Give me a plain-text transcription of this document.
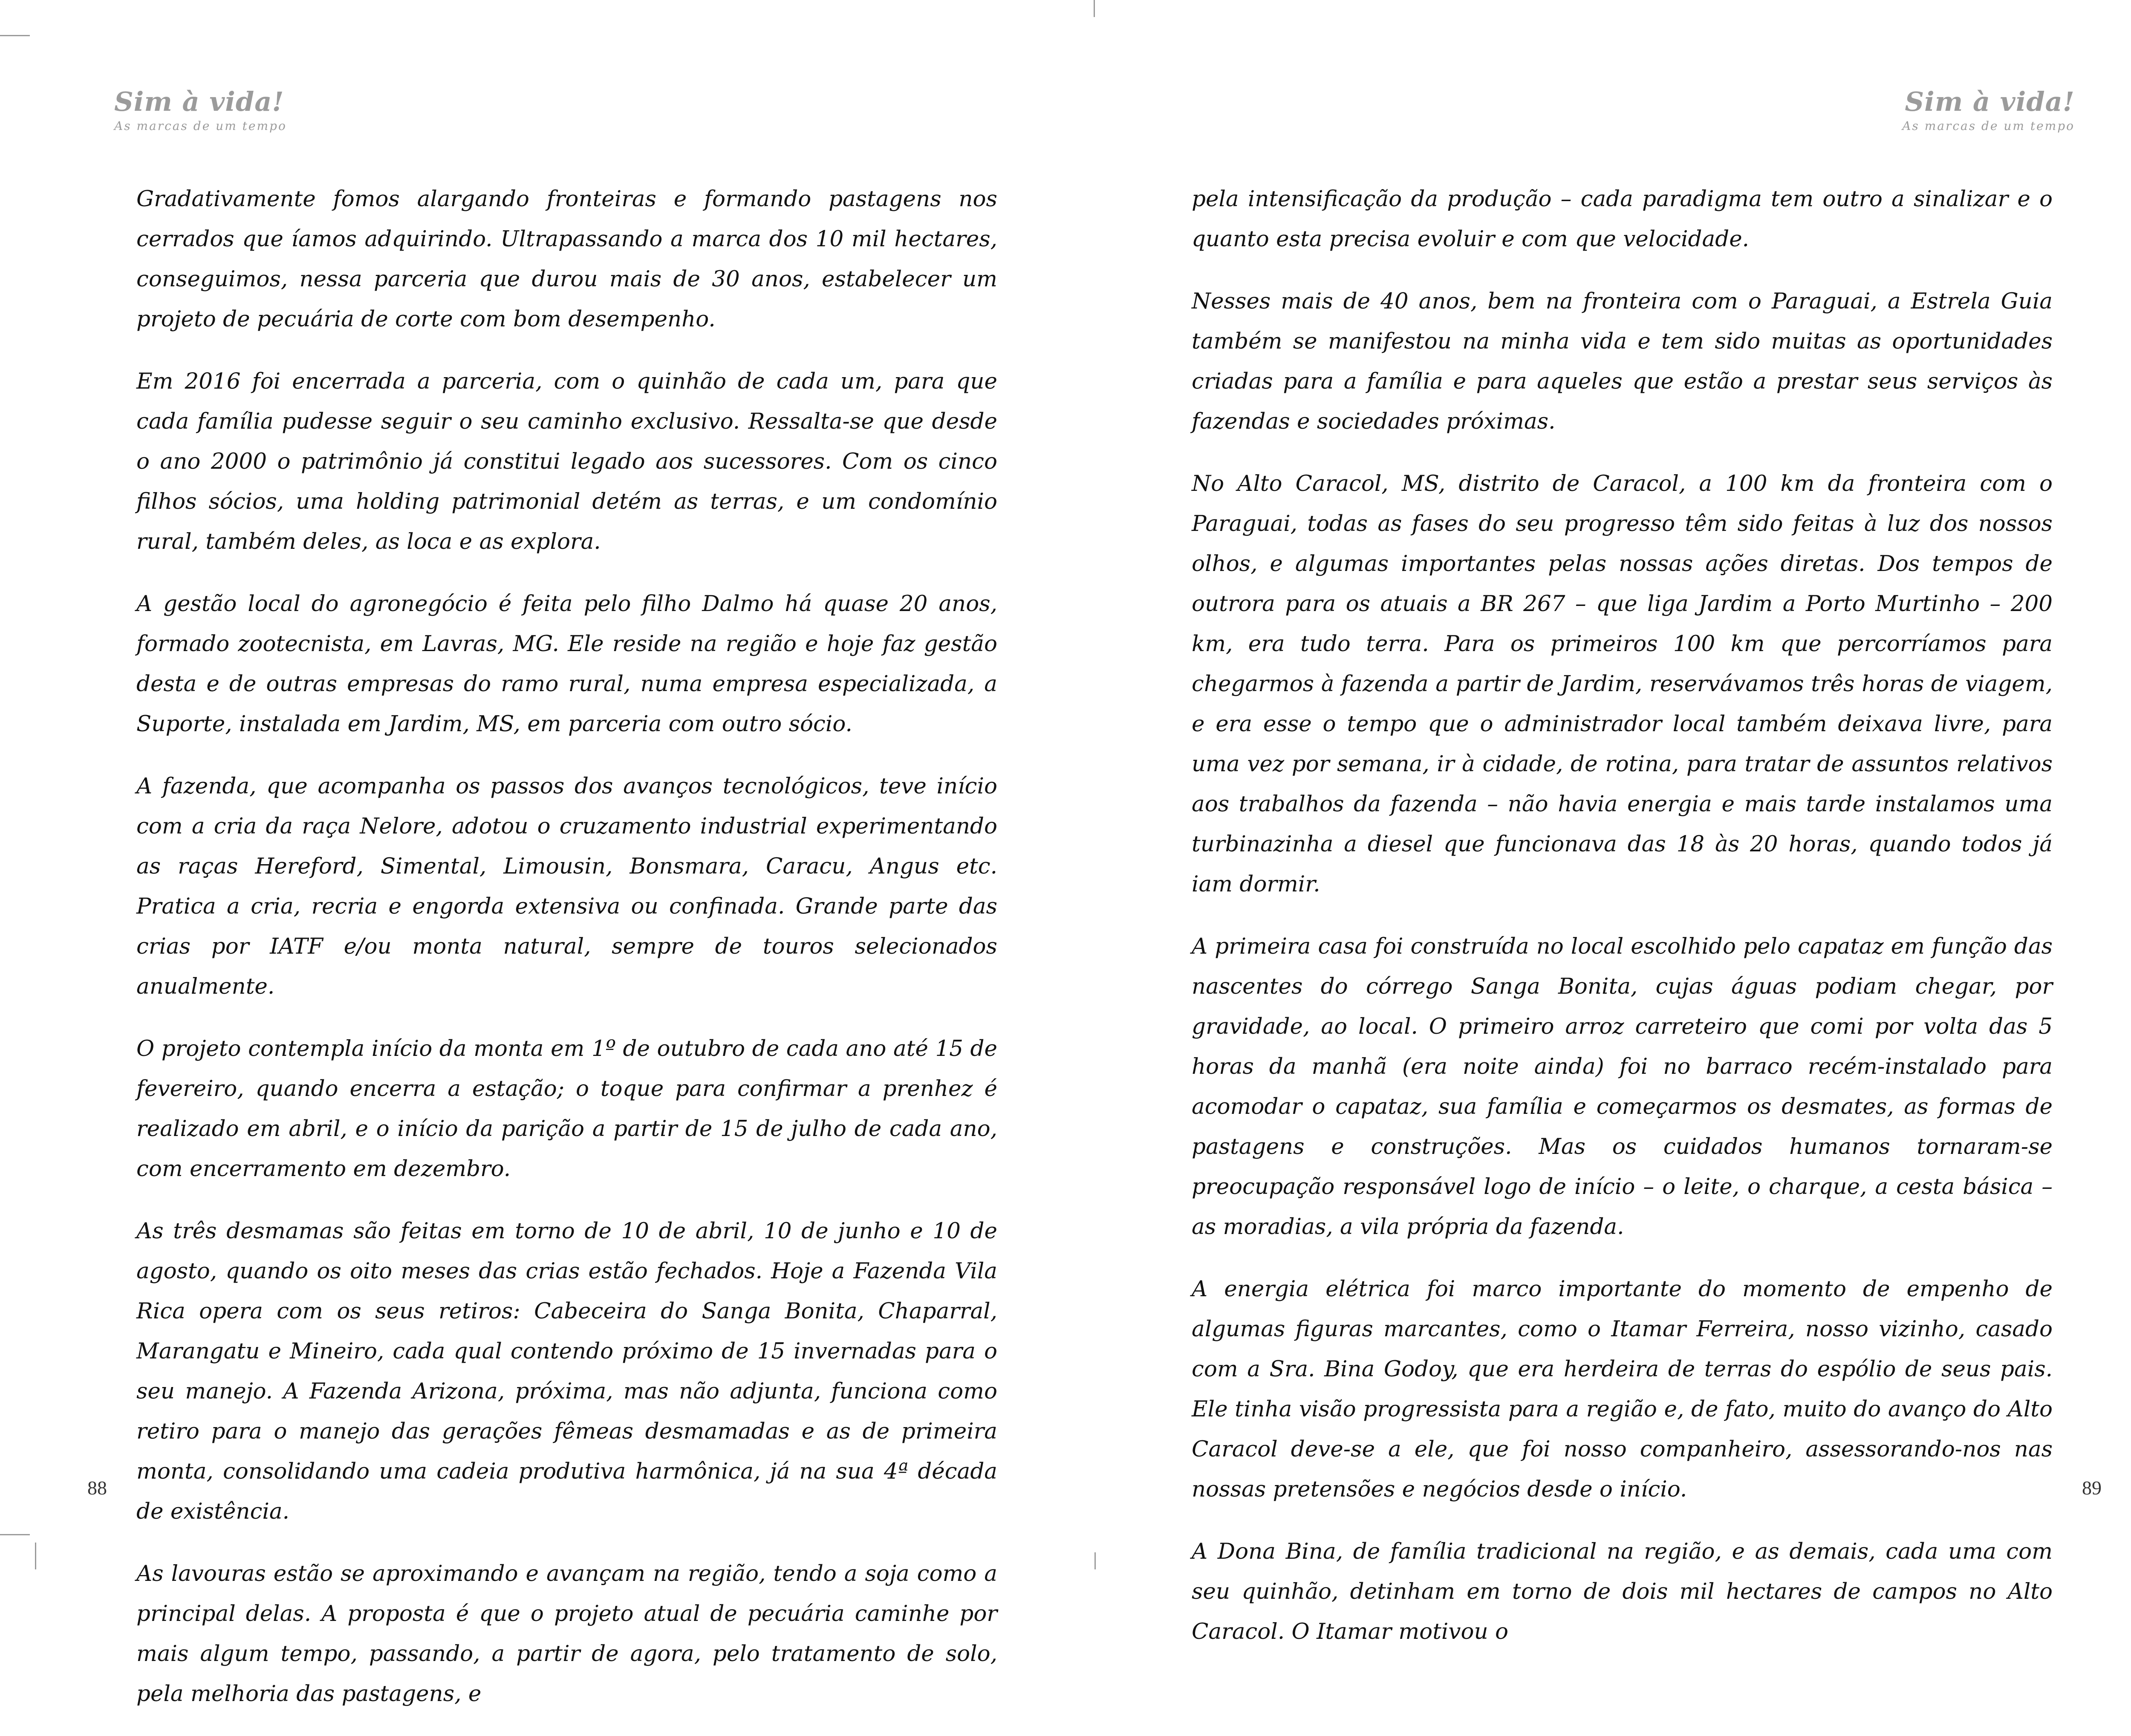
Sim à vida!
As marcas de um tempo

Gradativamente fomos alargando fronteiras e formando pastagens nos cerrados que íamos adquirindo. Ultrapassando a marca dos 10 mil hectares, conseguimos, nessa parceria que durou mais de 30 anos, estabelecer um projeto de pecuária de corte com bom desempenho.

Em 2016 foi encerrada a parceria, com o quinhão de cada um, para que cada família pudesse seguir o seu caminho exclusivo. Ressalta-se que desde o ano 2000 o patrimônio já constitui legado aos sucessores. Com os cinco filhos sócios, uma holding patrimonial detém as terras, e um condomínio rural, também deles, as loca e as explora.

A gestão local do agronegócio é feita pelo filho Dalmo há quase 20 anos, formado zootecnista, em Lavras, MG. Ele reside na região e hoje faz gestão desta e de outras empresas do ramo rural, numa empresa especializada, a Suporte, instalada em Jardim, MS, em parceria com outro sócio.

A fazenda, que acompanha os passos dos avanços tecnológicos, teve início com a cria da raça Nelore, adotou o cruzamento industrial experimentando as raças Hereford, Simental, Limousin, Bonsmara, Caracu, Angus etc. Pratica a cria, recria e engorda extensiva ou confinada. Grande parte das crias por IATF e/ou monta natural, sempre de touros selecionados anualmente.

O projeto contempla início da monta em 1º de outubro de cada ano até 15 de fevereiro, quando encerra a estação; o toque para confirmar a prenhez é realizado em abril, e o início da parição a partir de 15 de julho de cada ano, com encerramento em dezembro.

As três desmamas são feitas em torno de 10 de abril, 10 de junho e 10 de agosto, quando os oito meses das crias estão fechados. Hoje a Fazenda Vila Rica opera com os seus retiros: Cabeceira do Sanga Bonita, Chaparral, Marangatu e Mineiro, cada qual contendo próximo de 15 invernadas para o seu manejo. A Fazenda Arizona, próxima, mas não adjunta, funciona como retiro para o manejo das gerações fêmeas desmamadas e as de primeira monta, consolidando uma cadeia produtiva harmônica, já na sua 4ª década de existência.

As lavouras estão se aproximando e avançam na região, tendo a soja como a principal delas. A proposta é que o projeto atual de pecuária caminhe por mais algum tempo, passando, a partir de agora, pelo tratamento de solo, pela melhoria das pastagens, e

88
Sim à vida!
As marcas de um tempo

pela intensificação da produção – cada paradigma tem outro a sinalizar e o quanto esta precisa evoluir e com que velocidade.

Nesses mais de 40 anos, bem na fronteira com o Paraguai, a Estrela Guia também se manifestou na minha vida e tem sido muitas as oportunidades criadas para a família e para aqueles que estão a prestar seus serviços às fazendas e sociedades próximas.

No Alto Caracol, MS, distrito de Caracol, a 100 km da fronteira com o Paraguai, todas as fases do seu progresso têm sido feitas à luz dos nossos olhos, e algumas importantes pelas nossas ações diretas. Dos tempos de outrora para os atuais a BR 267 – que liga Jardim a Porto Murtinho – 200 km, era tudo terra. Para os primeiros 100 km que percorríamos para chegarmos à fazenda a partir de Jardim, reservávamos três horas de viagem, e era esse o tempo que o administrador local também deixava livre, para uma vez por semana, ir à cidade, de rotina, para tratar de assuntos relativos aos trabalhos da fazenda – não havia energia e mais tarde instalamos uma turbinazinha a diesel que funcionava das 18 às 20 horas, quando todos já iam dormir.

A primeira casa foi construída no local escolhido pelo capataz em função das nascentes do córrego Sanga Bonita, cujas águas podiam chegar, por gravidade, ao local. O primeiro arroz carreteiro que comi por volta das 5 horas da manhã (era noite ainda) foi no barraco recém-instalado para acomodar o capataz, sua família e começarmos os desmates, as formas de pastagens e construções. Mas os cuidados humanos tornaram-se preocupação responsável logo de início – o leite, o charque, a cesta básica – as moradias, a vila própria da fazenda.

A energia elétrica foi marco importante do momento de empenho de algumas figuras marcantes, como o Itamar Ferreira, nosso vizinho, casado com a Sra. Bina Godoy, que era herdeira de terras do espólio de seus pais. Ele tinha visão progressista para a região e, de fato, muito do avanço do Alto Caracol deve-se a ele, que foi nosso companheiro, assessorando-nos nas nossas pretensões e negócios desde o início.

A Dona Bina, de família tradicional na região, e as demais, cada uma com seu quinhão, detinham em torno de dois mil hectares de campos no Alto Caracol. O Itamar motivou o

89
